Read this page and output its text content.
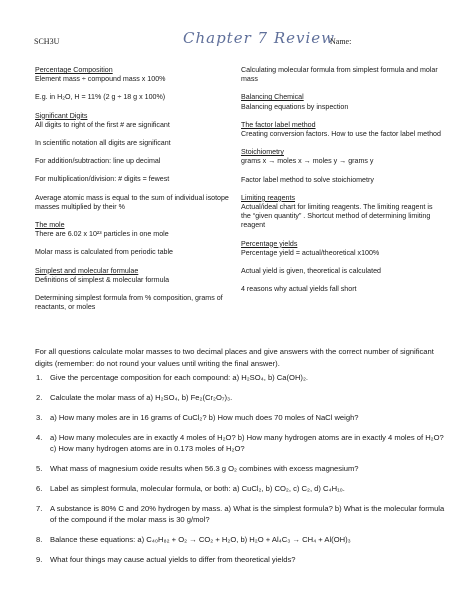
SCH3U	Chapter 7 Review
Name:
Percentage Composition
Element mass ÷ compound mass x 100%
E.g. in H₂O, H = 11% (2 g ÷ 18 g x 100%)
Significant Digits
All digits to right of the first # are significant
In scientific notation all digits are significant
For addition/subtraction: line up decimal
For multiplication/division: # digits = fewest
Average atomic mass is equal to the sum of individual isotope masses multiplied by their %
The mole
There are 6.02 x 10²³ particles in one mole
Molar mass is calculated from periodic table
Simplest and molecular formulae
Definitions of simplest & molecular formula
Determining simplest formula from % composition, grams of reactants, or moles
Calculating molecular formula from simplest formula and molar mass
Balancing Chemical
Balancing equations by inspection
The factor label method
Creating conversion factors. How to use the factor label method
Stoichiometry
grams x → moles x → moles y → grams y
Factor label method to solve stoichiometry
Limiting reagents
Actual/ideal chart for limiting reagents. The limiting reagent is the “given quantity” . Shortcut method of determining limiting reagent
Percentage yields
Percentage yield = actual/theoretical x100%
Actual yield is given, theoretical is calculated
4 reasons why actual yields fall short
For all questions calculate molar masses to two decimal places and give answers with the correct number of significant digits (remember: do not round your values until writing the final answer).
1.	Give the percentage composition for each compound: a) H₂SO₄, b) Ca(OH)₂.
2.	Calculate the molar mass of a) H₂SO₄, b) Fe₂(Cr₂O₇)₃.
3.	a) How many moles are in 16 grams of CuCl₂? b) How much does 70 moles of NaCl weigh?
4.	a) How many molecules are in exactly 4 moles of H₂O? b) How many hydrogen atoms are in exactly 4 moles of H₂O? c) How many hydrogen atoms are in 0.173 moles of H₂O?
5.	What mass of magnesium oxide results when 56.3 g O₂ combines with excess magnesium?
6.	Label as simplest formula, molecular formula, or both: a) CuCl₂, b) CO₂, c) C₂, d) C₄H₁₀.
7.	A substance is 80% C and 20% hydrogen by mass. a) What is the simplest formula? b) What is the molecular formula of the compound if the molar mass is 30 g/mol?
8.	Balance these equations: a) C₄₀H₈₂ + O₂ → CO₂ + H₂O, b) H₂O + Al₄C₃ → CH₄ + Al(OH)₃
9.	What four things may cause actual yields to differ from theoretical yields?
